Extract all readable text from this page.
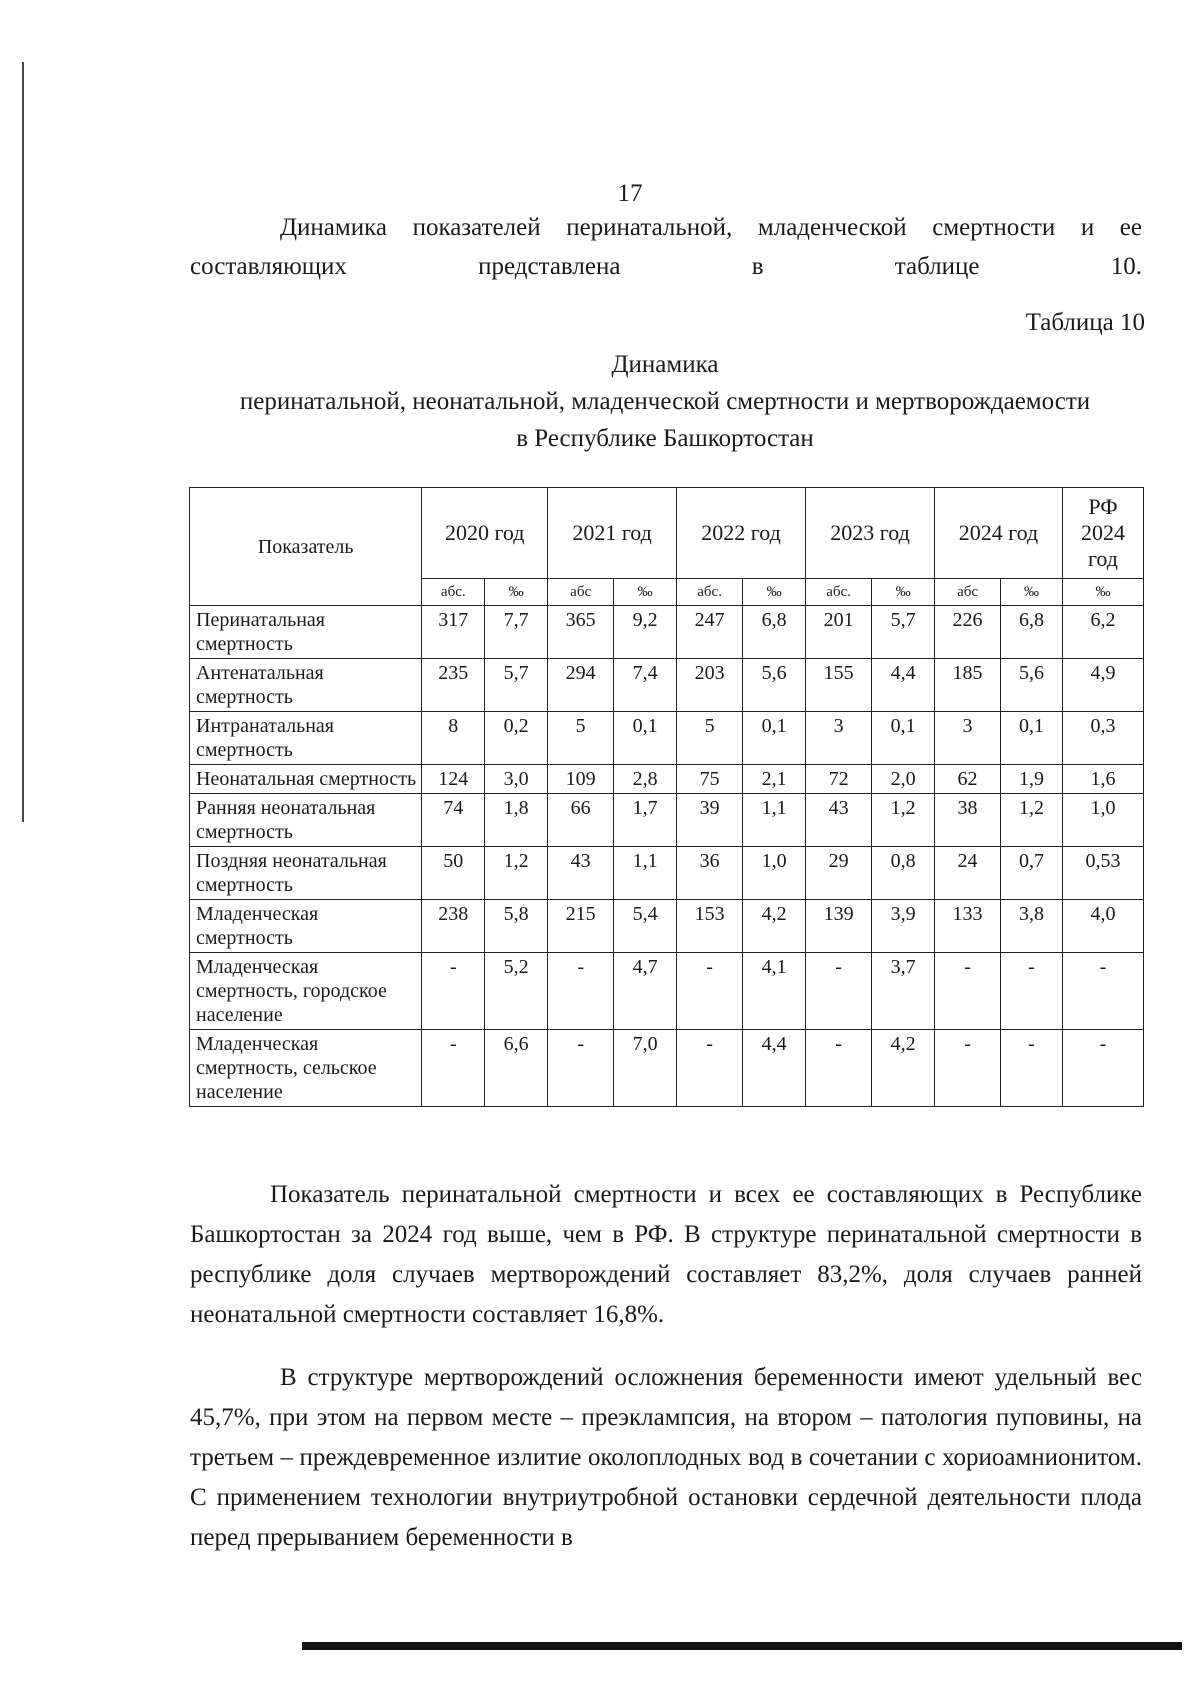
17
Динамика показателей перинатальной, младенческой смертности и ее составляющих представлена в таблице 10.
Таблица 10
Динамика
перинатальной, неонатальной, младенческой смертности и мертворождаемости
в Республике Башкортостан
Показатель	2020 год		2021 год		2022 год		2023 год		2024 год		РФ 2024 год
	абс.	‰	абс	‰	абс.	‰	абс.	‰	абс	‰	‰
Перинатальная смертность	317	7,7	365	9,2	247	6,8	201	5,7	226	6,8	6,2
Антенатальная смертность	235	5,7	294	7,4	203	5,6	155	4,4	185	5,6	4,9
Интранатальная смертность	8	0,2	5	0,1	5	0,1	3	0,1	3	0,1	0,3
Неонатальная смертность	124	3,0	109	2,8	75	2,1	72	2,0	62	1,9	1,6
Ранняя неонатальная смертность	74	1,8	66	1,7	39	1,1	43	1,2	38	1,2	1,0
Поздняя неонатальная смертность	50	1,2	43	1,1	36	1,0	29	0,8	24	0,7	0,53
Младенческая смертность	238	5,8	215	5,4	153	4,2	139	3,9	133	3,8	4,0
Младенческая смертность, городское население	-	5,2	-	4,7	-	4,1	-	3,7	-	-	-
Младенческая смертность, сельское население	-	6,6	-	7,0	-	4,4	-	4,2	-	-	-
Показатель перинатальной смертности и всех ее составляющих в Республике Башкортостан за 2024 год выше, чем в РФ. В структуре перинатальной смертности в республике доля случаев мертворождений составляет 83,2%, доля случаев ранней неонатальной смертности составляет 16,8%.
В структуре мертворождений осложнения беременности имеют удельный вес 45,7%, при этом на первом месте – преэклампсия, на втором – патология пуповины, на третьем – преждевременное излитие околоплодных вод в сочетании с хориоамнионитом. С применением технологии внутриутробной остановки сердечной деятельности плода перед прерыванием беременности в
